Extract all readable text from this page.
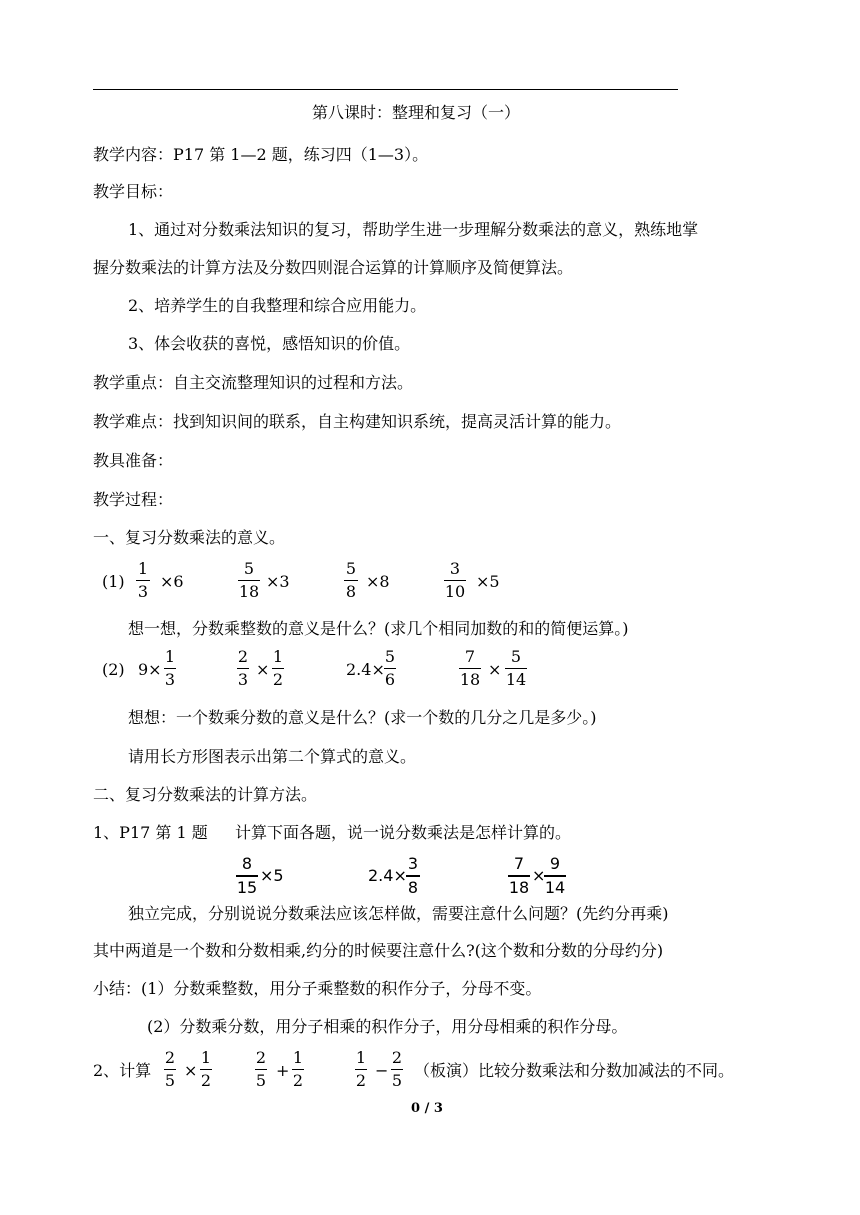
第八课时：整理和复习（一）
教学内容：P17 第 1—2 题，练习四（1—3）。
教学目标：
1、通过对分数乘法知识的复习，帮助学生进一步理解分数乘法的意义，熟练地掌
握分数乘法的计算方法及分数四则混合运算的计算顺序及简便算法。
2、培养学生的自我整理和综合应用能力。
3、体会收获的喜悦，感悟知识的价值。
教学重点：自主交流整理知识的过程和方法。
教学难点：找到知识间的联系，自主构建知识系统，提高灵活计算的能力。
教具准备：
教学过程：
一、复习分数乘法的意义。
(1)
1
3
×6
5
18
×3
5
8
×8
3
10
×5
想一想，分数乘整数的意义是什么？(求几个相同加数的和的简便运算。)
(2) 9×
1
3
2
3
×
1
2
2.4×
5
6
7
18
×
5
14
想想：一个数乘分数的意义是什么？(求一个数的几分之几是多少。)
请用长方形图表示出第二个算式的意义。
二、复习分数乘法的计算方法。
1、P17 第 1 题 计算下面各题，说一说分数乘法是怎样计算的。
8
15
×5	2.4×
3
8
7
18
×
9
14
独立完成，分别说说分数乘法应该怎样做，需要注意什么问题？(先约分再乘)
其中两道是一个数和分数相乘,约分的时候要注意什么?(这个数和分数的分母约分)
小结：(1）分数乘整数，用分子乘整数的积作分子，分母不变。
(2）分数乘分数，用分子相乘的积作分子，用分母相乘的积作分母。
2、计算
2
5
×
1
2
2
5
+
1
2
1
2
−
2
5
（板演）比较分数乘法和分数加减法的不同。
0 / 3
